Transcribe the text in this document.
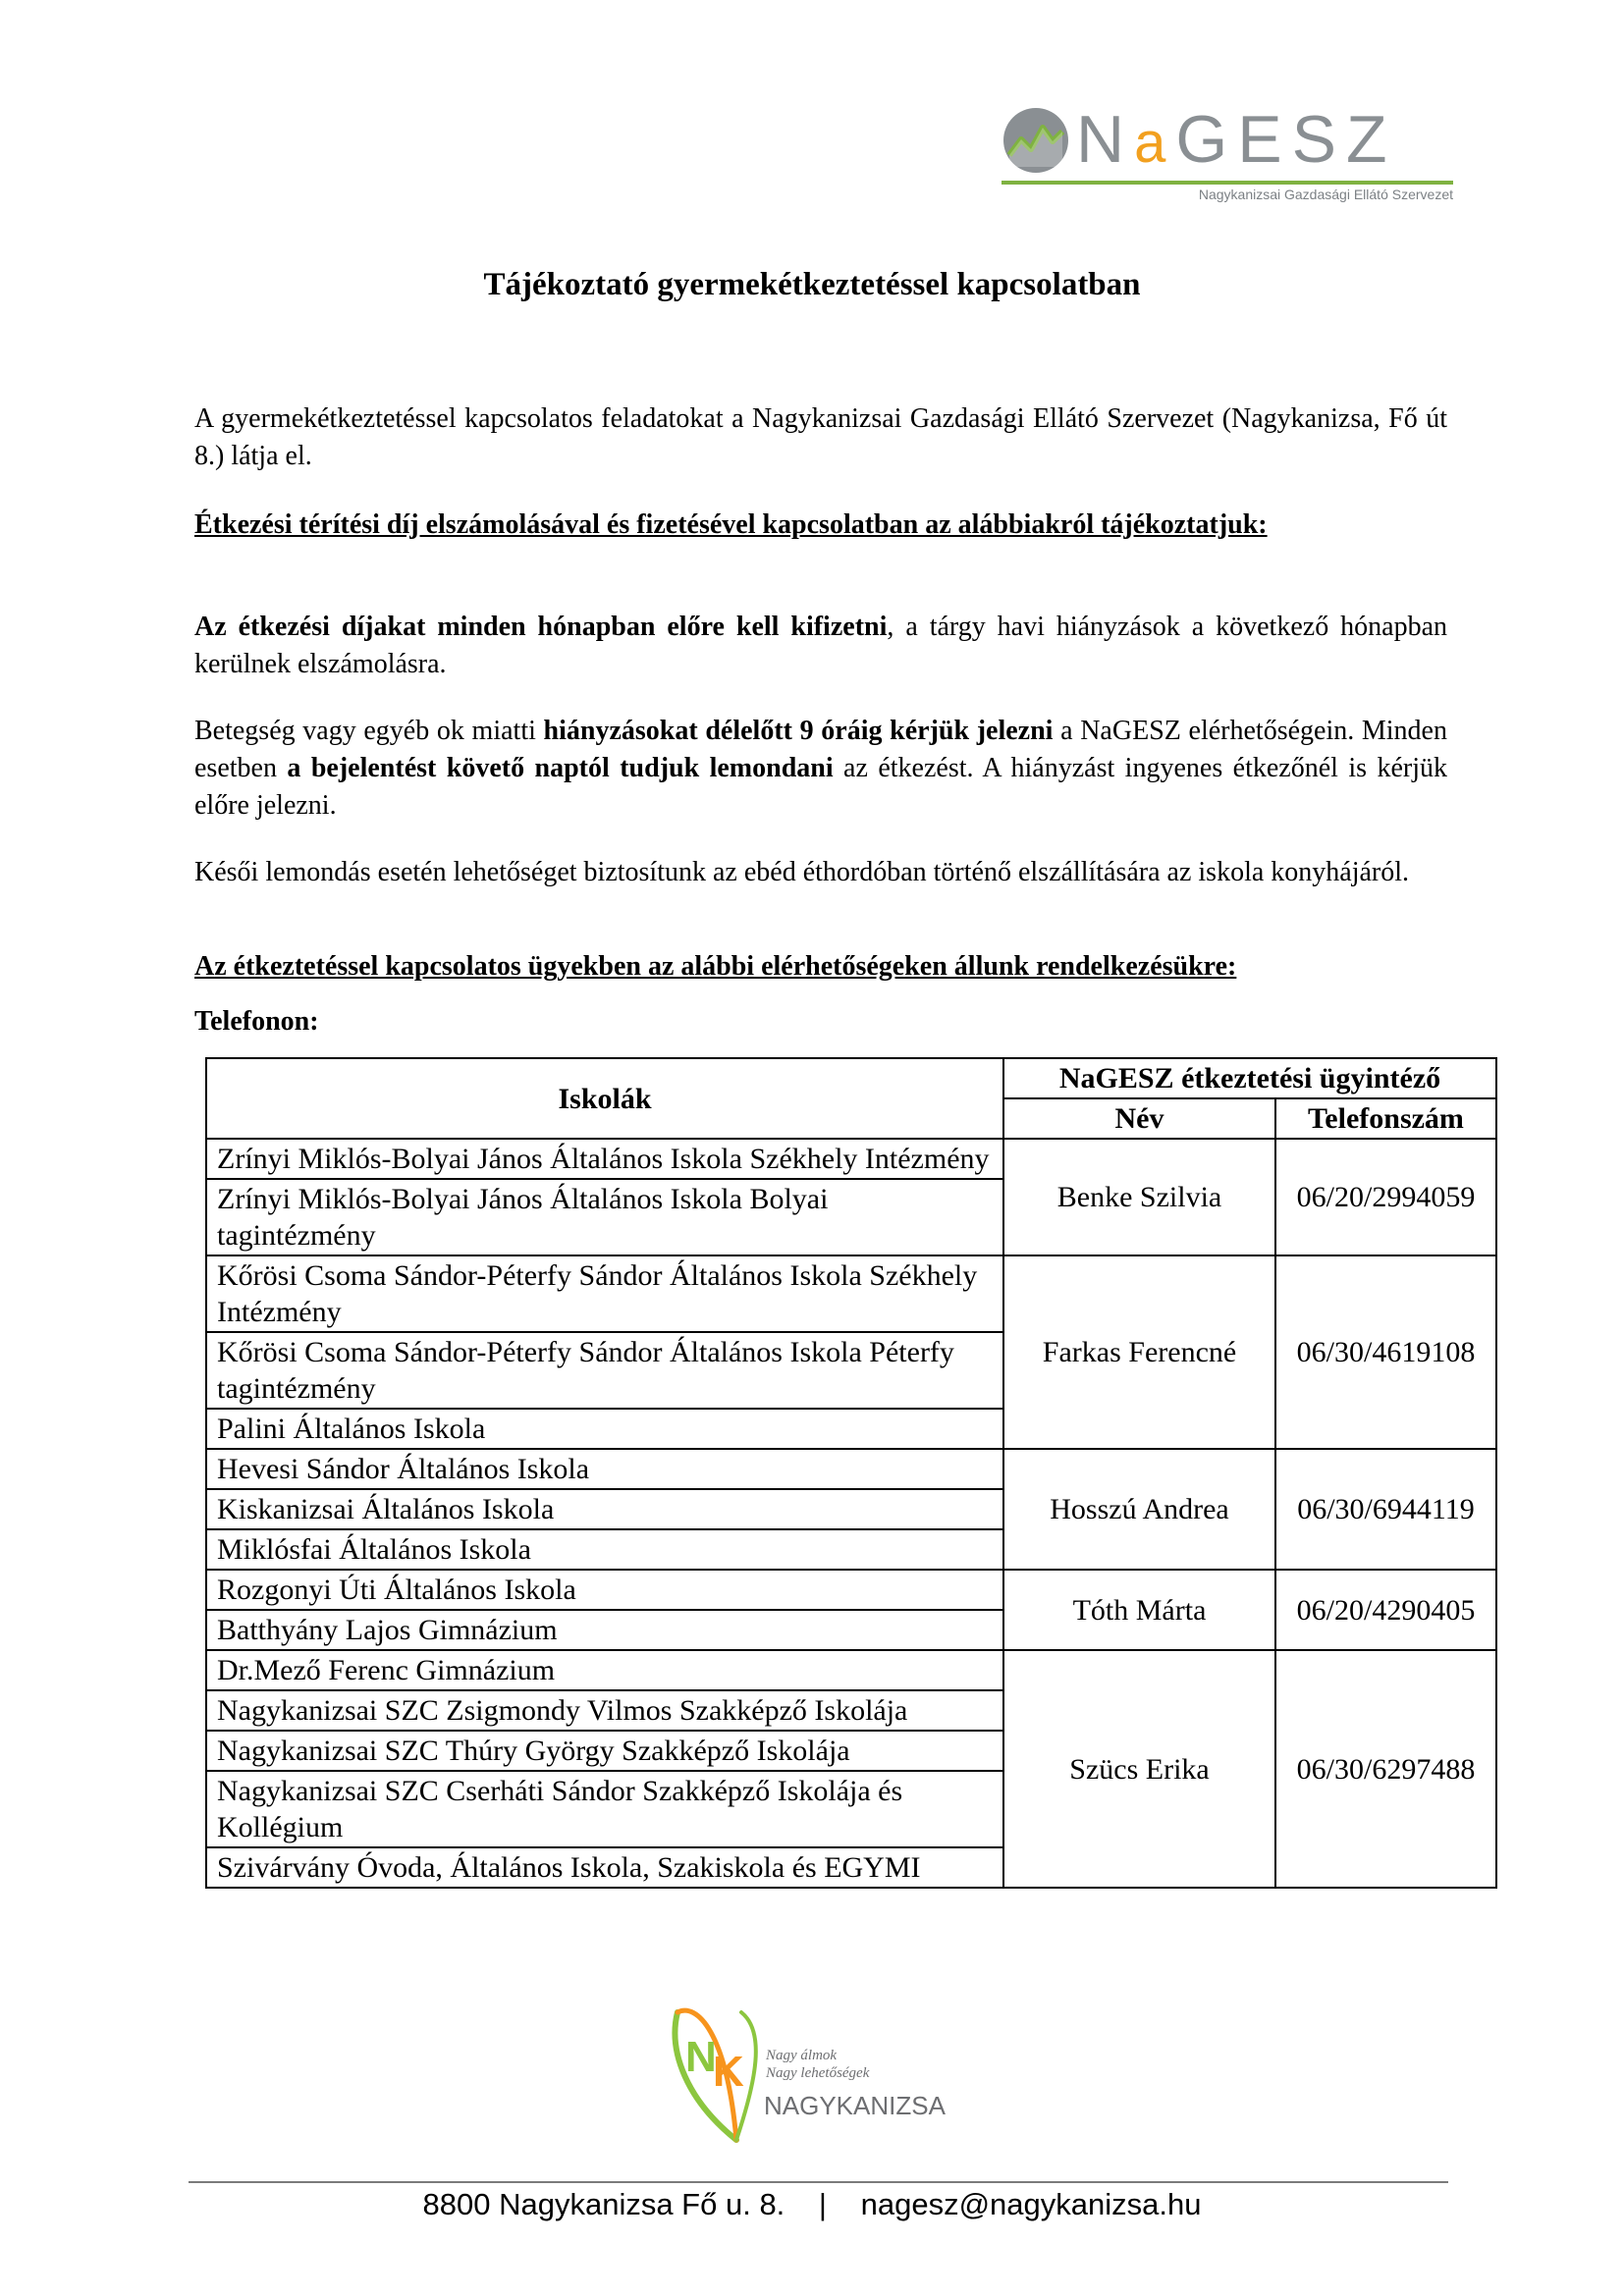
NaGESZ
Nagykanizsai Gazdasági Ellátó Szervezet
Tájékoztató gyermekétkeztetéssel kapcsolatban

A gyermekétkeztetéssel kapcsolatos feladatokat a Nagykanizsai Gazdasági Ellátó Szervezet (Nagykanizsa, Fő út 8.) látja el.

Étkezési térítési díj elszámolásával és fizetésével kapcsolatban az alábbiakról tájékoztatjuk:

Az étkezési díjakat minden hónapban előre kell kifizetni, a tárgy havi hiányzások a következő hónapban kerülnek elszámolásra.

Betegség vagy egyéb ok miatti hiányzásokat délelőtt 9 óráig kérjük jelezni a NaGESZ elérhetőségein. Minden esetben a bejelentést követő naptól tudjuk lemondani az étkezést. A hiányzást ingyenes étkezőnél is kérjük előre jelezni.

Késői lemondás esetén lehetőséget biztosítunk az ebéd éthordóban történő elszállítására az iskola konyhájáról.

Az étkeztetéssel kapcsolatos ügyekben az alábbi elérhetőségeken állunk rendelkezésükre:

Telefonon:

Iskolák	NaGESZ étkeztetési ügyintéző	
	Név	Telefonszám
Zrínyi Miklós-Bolyai János Általános Iskola Székhely Intézmény	Benke Szilvia	06/20/2994059
Zrínyi Miklós-Bolyai János Általános Iskola Bolyai tagintézmény		
Kőrösi Csoma Sándor-Péterfy Sándor Általános Iskola Székhely Intézmény	Farkas Ferencné	06/30/4619108
Kőrösi Csoma Sándor-Péterfy Sándor Általános Iskola Péterfy tagintézmény		
Palini Általános Iskola		
Hevesi Sándor Általános Iskola	Hosszú Andrea	06/30/6944119
Kiskanizsai Általános Iskola		
Miklósfai Általános Iskola		
Rozgonyi Úti Általános Iskola	Tóth Márta	06/20/4290405
Batthyány Lajos Gimnázium		
Dr.Mező Ferenc Gimnázium	Szücs Erika	06/30/6297488
Nagykanizsai SZC Zsigmondy Vilmos Szakképző Iskolája		
Nagykanizsai SZC Thúry György Szakképző Iskolája		
Nagykanizsai SZC Cserháti Sándor Szakképző Iskolája és Kollégium		
Szivárvány Óvoda, Általános Iskola, Szakiskola és EGYMI		
N
K Nagy álmok
Nagy lehetőségek
NAGYKANIZSA
8800 Nagykanizsa Fő u. 8. | nagesz@nagykanizsa.hu
